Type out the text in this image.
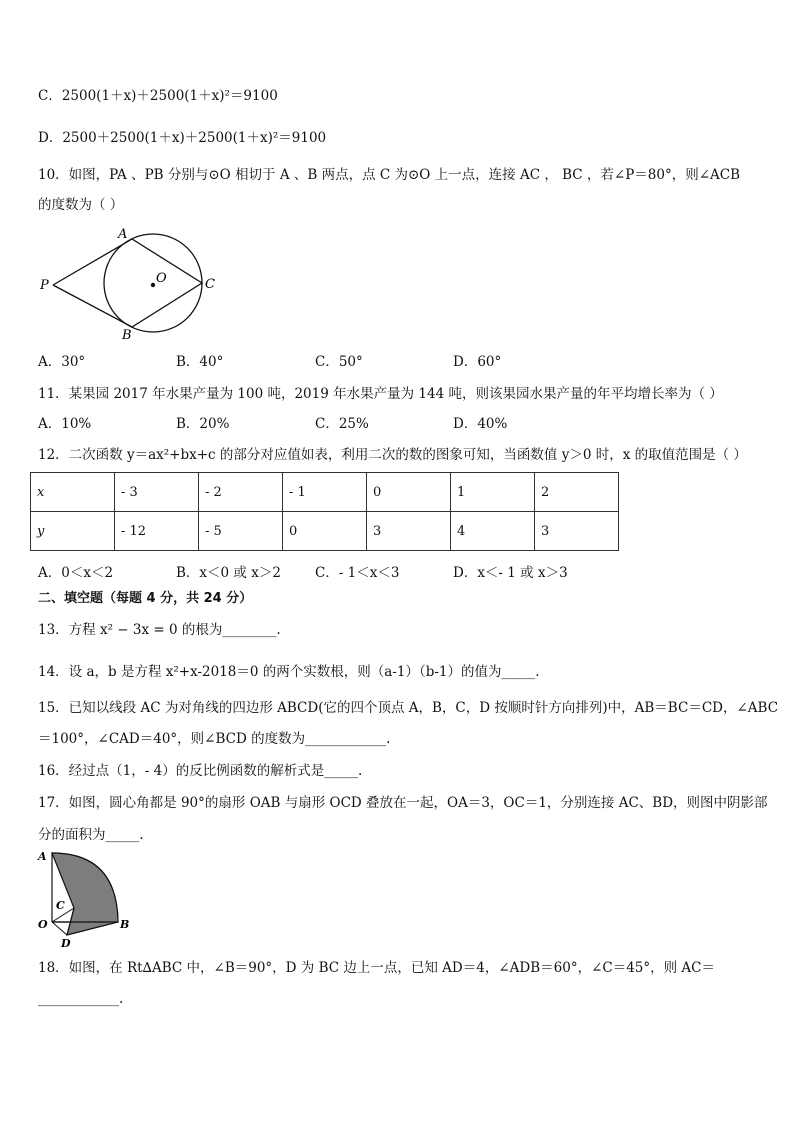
C．2500(1＋x)＋2500(1＋x)²＝9100
D．2500＋2500(1＋x)＋2500(1＋x)²＝9100
10．如图，PA 、PB 分别与⊙O 相切于 A 、B 两点，点 C 为⊙O 上一点，连接 AC ， BC ，若∠P＝80°，则∠ACB
的度数为（ ）
A
B
C
P	O
A．30°	B．40°	C．50°	D．60°
11．某果园 2017 年水果产量为 100 吨，2019 年水果产量为 144 吨，则该果园水果产量的年平均增长率为（ ）
A．10%	B．20%	C．25%	D．40%
12．二次函数 y＝ax²+bx+c 的部分对应值如表，利用二次的数的图象可知，当函数值 y＞0 时，x 的取值范围是（ ）
x	- 3	- 2	- 1	0	1	2
y	- 12	- 5	0	3	4	3
A．0＜x＜2	B．x＜0 或 x＞2	C．- 1＜x＜3	D．x＜- 1 或 x＞3
二、填空题（每题 4 分，共 24 分）
13．方程 x² − 3x = 0 的根为________.
14．设 a，b 是方程 x²+x-2018＝0 的两个实数根，则（a-1）（b-1）的值为_____.
15．已知以线段 AC 为对角线的四边形 ABCD(它的四个顶点 A，B，C，D 按顺时针方向排列)中，AB＝BC＝CD，∠ABC
＝100°，∠CAD＝40°，则∠BCD 的度数为____________.
16．经过点（1，- 4）的反比例函数的解析式是_____.
17．如图，圆心角都是 90°的扇形 OAB 与扇形 OCD 叠放在一起，OA＝3，OC＝1，分别连接 AC、BD，则图中阴影部
分的面积为_____.
A
C
O	B
D
18．如图，在 Rt∆ABC 中，∠B＝90°，D 为 BC 边上一点，已知 AD＝4，∠ADB＝60°，∠C＝45°，则 AC＝
____________.
